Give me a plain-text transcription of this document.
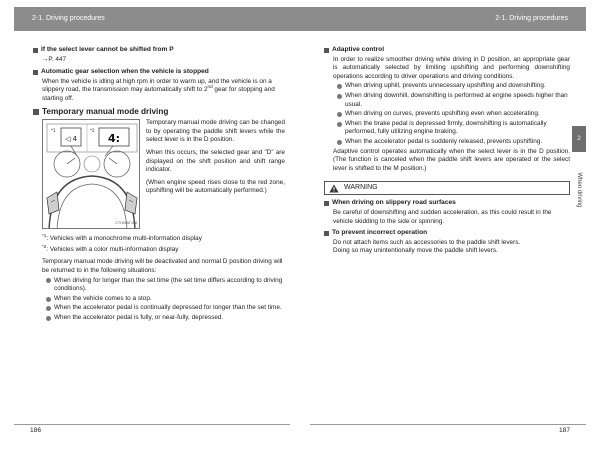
2-1. Driving procedures	2-1. Driving procedures
If the select lever cannot be shifted from P
→P. 447
Automatic gear selection when the vehicle is stopped
When the vehicle is idling at high rpm in order to warm up, and the vehicle is on a slippery road, the transmission may automatically shift to 2nd gear for stopping and starting off.
Temporary manual mode driving
◁ 4
*1	*2
4:
CTH26AT108
Temporary manual mode driving can be changed to by operating the paddle shift levers while the select lever is in the D position.
When this occurs, the selected gear and "D" are displayed on the shift position and shift range indicator.
(When engine speed rises close to the red zone, upshifting will be automatically performed.)
$^{*1}$: Vehicles with a monochrome multi-information display
$^{*2}$: Vehicles with a color multi-information display
Temporary manual mode driving will be deactivated and normal D position driving will be returned to in the following situations:
When driving for longer than the set time (the set time differs according to driving conditions).
When the vehicle comes to a stop.
When the accelerator pedal is continually depressed for longer than the set time.
When the accelerator pedal is fully, or near-fully, depressed.
Adaptive control
In order to realize smoother driving while driving in D position, an appropriate gear is automatically selected by limiting upshifting and performing downshifting operations according to driver operations and driving conditions.
When driving uphill, prevents unnecessary upshifting and downshifting.
When driving downhill, downshifting is performed at engine speeds higher than usual.
When driving on curves, prevents upshifting even when accelerating.
When the brake pedal is depressed firmly, downshifting is automatically performed, fully utilizing engine braking.
When the accelerator pedal is suddenly released, prevents upshifting.
Adaptive control operates automatically when the select lever is in the D position. (The function is canceled when the paddle shift levers are operated or the select lever is shifted to the M position.)
WARNING
When driving on slippery road surfaces
Be careful of downshifting and sudden acceleration, as this could result in the vehicle skidding to the side or spinning.
To prevent incorrect operation
Do not attach items such as accessories to the paddle shift levers.
Doing so may unintentionally move the paddle shift levers.
2
When driving
186	187
